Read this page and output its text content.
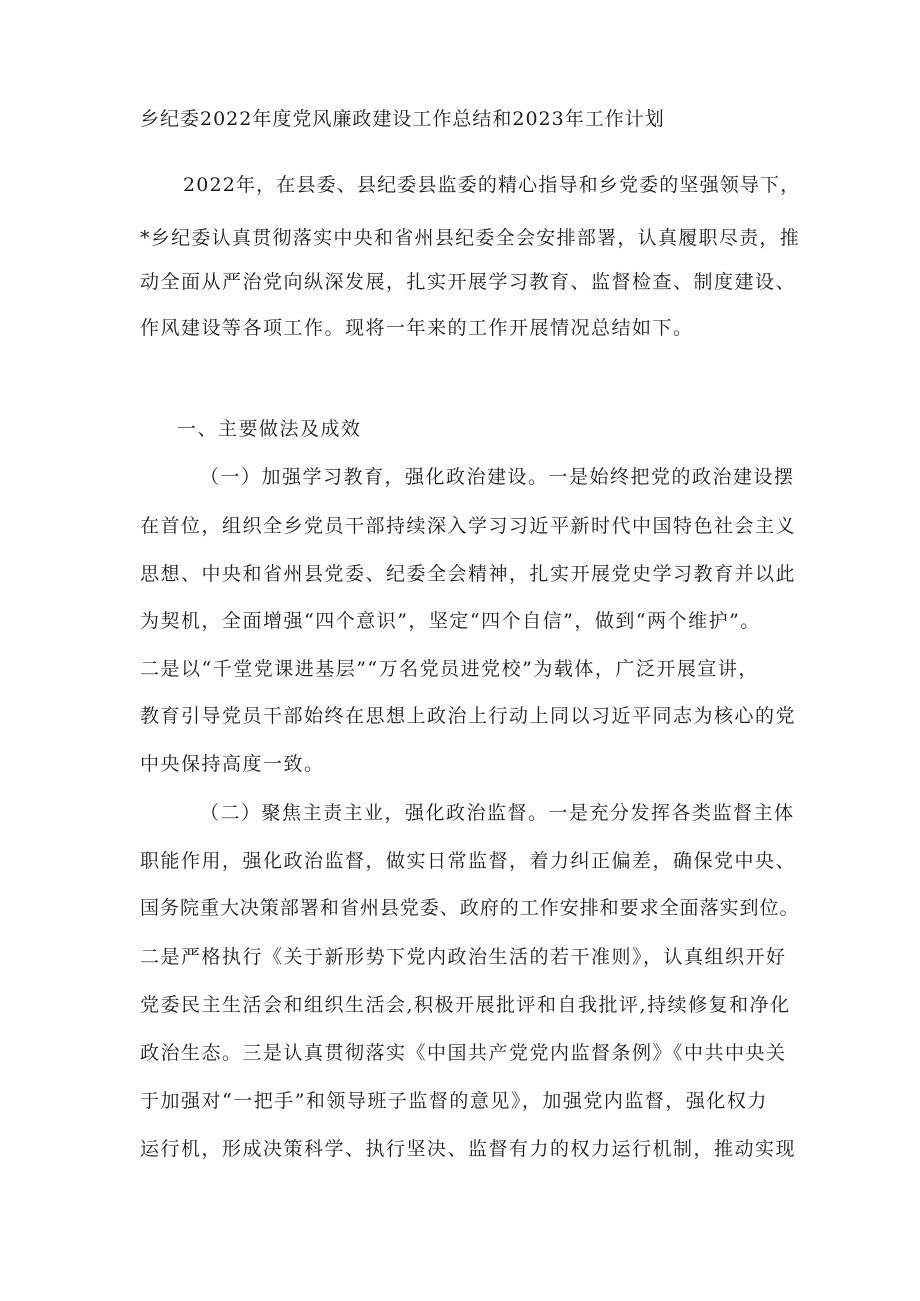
乡纪委2022年度党风廉政建设工作总结和2023年工作计划
2022年，在县委、县纪委县监委的精心指导和乡党委的坚强领导下，
*乡纪委认真贯彻落实中央和省州县纪委全会安排部署，认真履职尽责，推
动全面从严治党向纵深发展，扎实开展学习教育、监督检查、制度建设、
作风建设等各项工作。现将一年来的工作开展情况总结如下。
一、主要做法及成效
（一）加强学习教育，强化政治建设。一是始终把党的政治建设摆
在首位，组织全乡党员干部持续深入学习习近平新时代中国特色社会主义
思想、中央和省州县党委、纪委全会精神，扎实开展党史学习教育并以此
为契机，全面增强“四个意识”，坚定“四个自信”，做到“两个维护”。
二是以“千堂党课进基层”“万名党员进党校”为载体，广泛开展宣讲，
教育引导党员干部始终在思想上政治上行动上同以习近平同志为核心的党
中央保持高度一致。
（二）聚焦主责主业，强化政治监督。一是充分发挥各类监督主体
职能作用，强化政治监督，做实日常监督，着力纠正偏差，确保党中央、
国务院重大决策部署和省州县党委、政府的工作安排和要求全面落实到位。
二是严格执行《关于新形势下党内政治生活的若干准则》，认真组织开好
党委民主生活会和组织生活会,积极开展批评和自我批评,持续修复和净化
政治生态。三是认真贯彻落实《中国共产党党内监督条例》《中共中央关
于加强对“一把手”和领导班子监督的意见》，加强党内监督，强化权力
运行机，形成决策科学、执行坚决、监督有力的权力运行机制，推动实现
